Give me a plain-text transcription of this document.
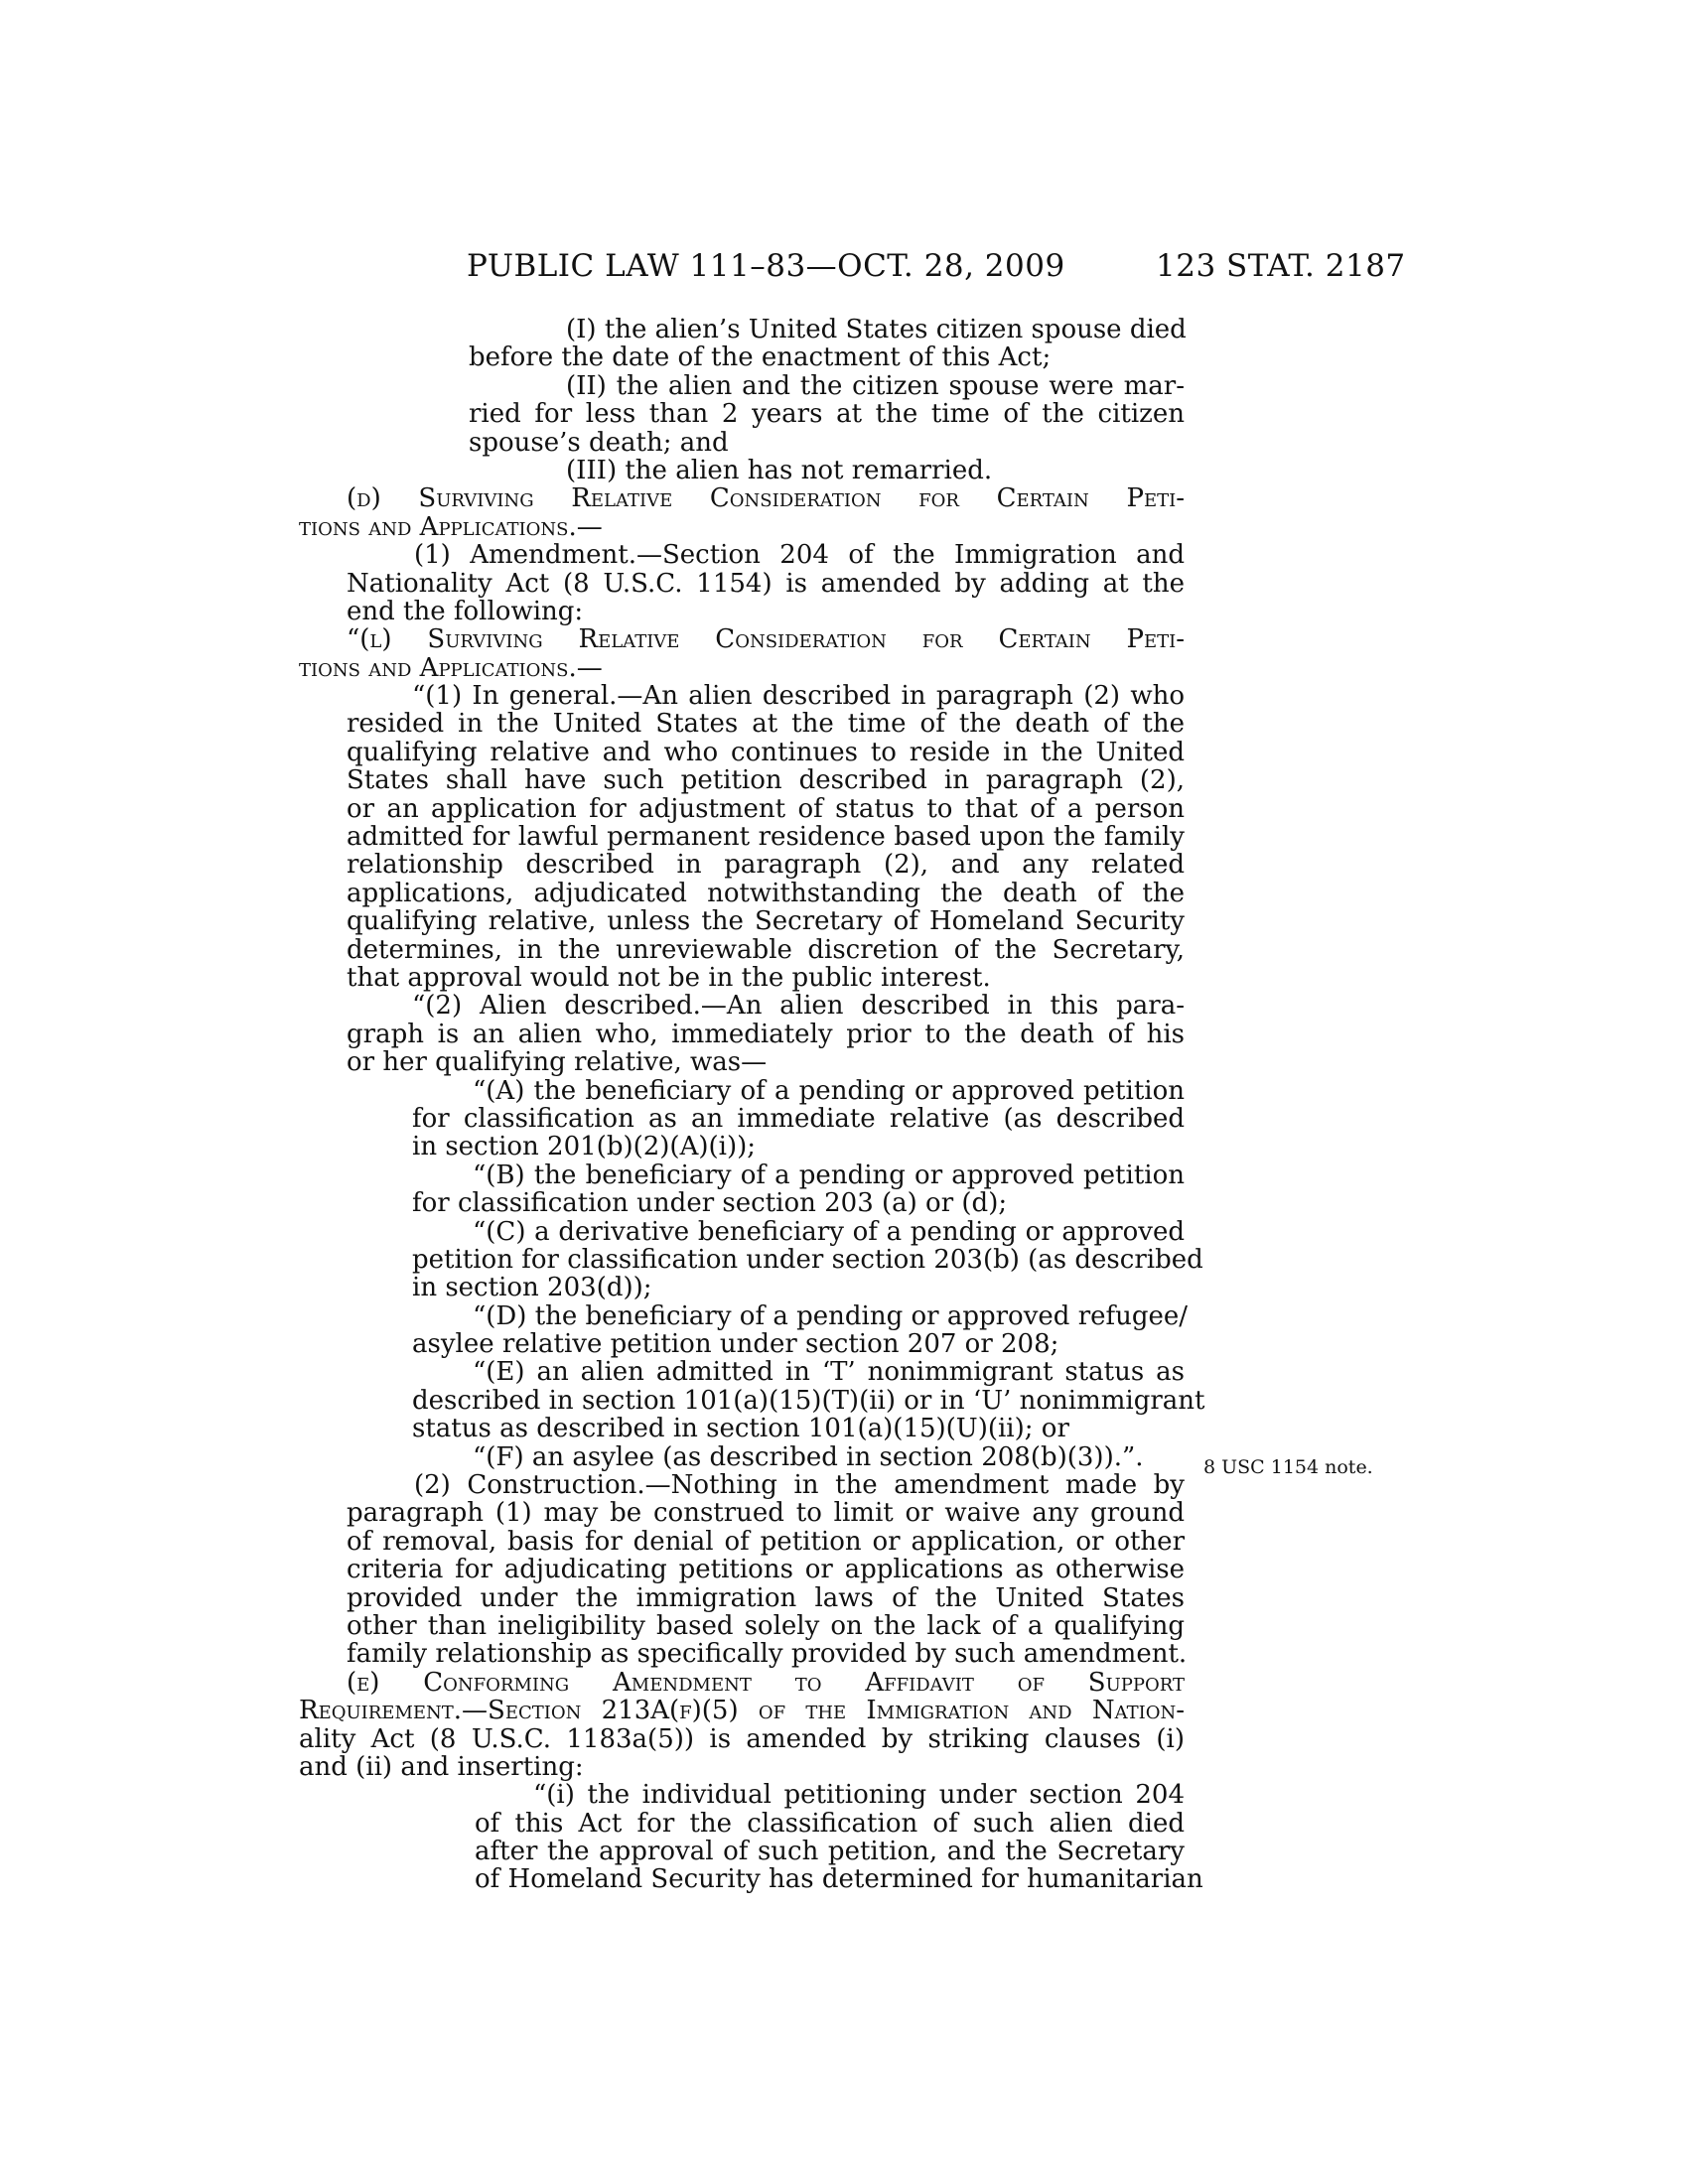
PUBLIC LAW 111–83—OCT. 28, 2009	123 STAT. 2187
(I) the alien’s United States citizen spouse died
before the date of the enactment of this Act;
(II) the alien and the citizen spouse were mar-
ried for less than 2 years at the time of the citizen
spouse’s death; and
(III) the alien has not remarried.
(d) Surviving Relative Consideration for Certain Peti-
tions and Applications.—
(1) Amendment.—Section 204 of the Immigration and
Nationality Act (8 U.S.C. 1154) is amended by adding at the
end the following:
“(l) Surviving Relative Consideration for Certain Peti-
tions and Applications.—
“(1) In general.—An alien described in paragraph (2) who
resided in the United States at the time of the death of the
qualifying relative and who continues to reside in the United
States shall have such petition described in paragraph (2),
or an application for adjustment of status to that of a person
admitted for lawful permanent residence based upon the family
relationship described in paragraph (2), and any related
applications, adjudicated notwithstanding the death of the
qualifying relative, unless the Secretary of Homeland Security
determines, in the unreviewable discretion of the Secretary,
that approval would not be in the public interest.
“(2) Alien described.—An alien described in this para-
graph is an alien who, immediately prior to the death of his
or her qualifying relative, was—
“(A) the beneficiary of a pending or approved petition
for classification as an immediate relative (as described
in section 201(b)(2)(A)(i));
“(B) the beneficiary of a pending or approved petition
for classification under section 203 (a) or (d);
“(C) a derivative beneficiary of a pending or approved
petition for classification under section 203(b) (as described
in section 203(d));
“(D) the beneficiary of a pending or approved refugee/
asylee relative petition under section 207 or 208;
“(E) an alien admitted in ‘T’ nonimmigrant status as
described in section 101(a)(15)(T)(ii) or in ‘U’ nonimmigrant
status as described in section 101(a)(15)(U)(ii); or
“(F) an asylee (as described in section 208(b)(3)).”.
(2) Construction.—Nothing in the amendment made by
paragraph (1) may be construed to limit or waive any ground
of removal, basis for denial of petition or application, or other
criteria for adjudicating petitions or applications as otherwise
provided under the immigration laws of the United States
other than ineligibility based solely on the lack of a qualifying
family relationship as specifically provided by such amendment.
(e) Conforming Amendment to Affidavit of Support
Requirement.—Section 213A(f)(5) of the Immigration and Nation-
ality Act (8 U.S.C. 1183a(5)) is amended by striking clauses (i)
and (ii) and inserting:
“(i) the individual petitioning under section 204
of this Act for the classification of such alien died
after the approval of such petition, and the Secretary
of Homeland Security has determined for humanitarian
8 USC 1154 note.
